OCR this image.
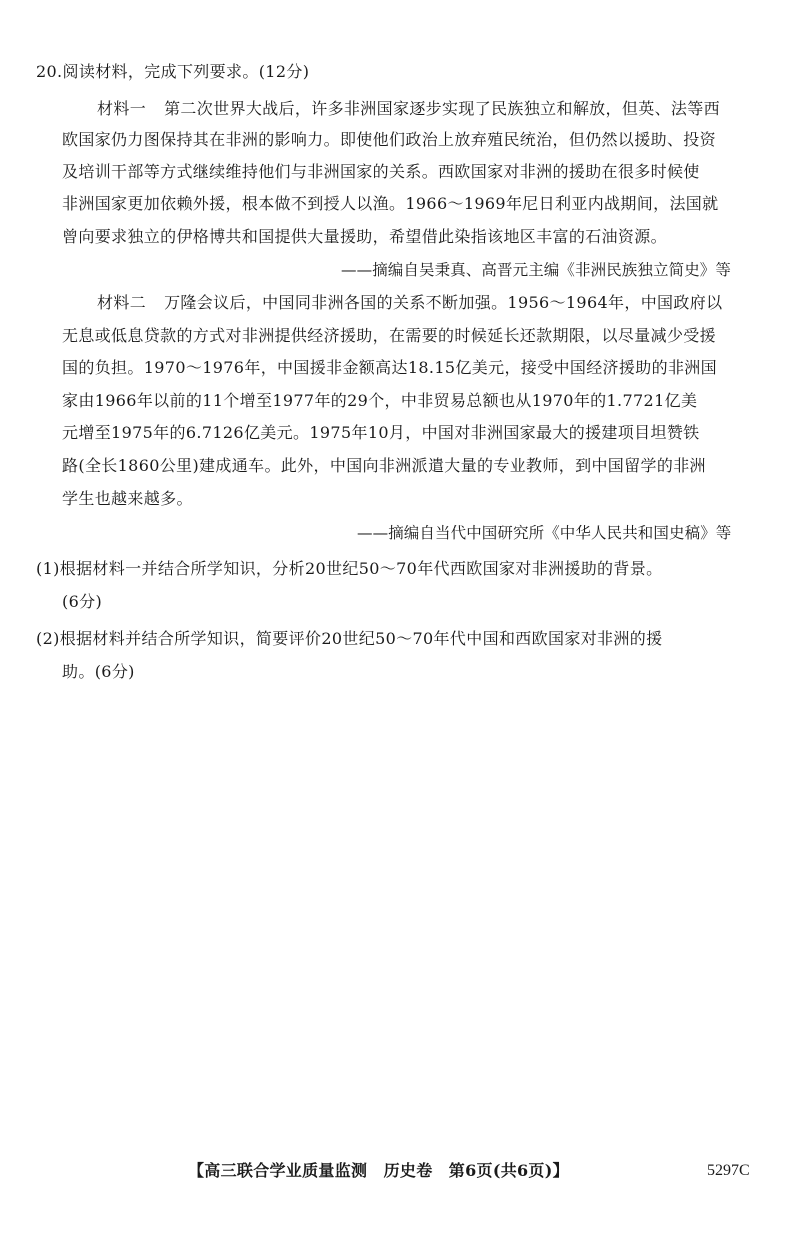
20.阅读材料，完成下列要求。(12分)
材料一 第二次世界大战后，许多非洲国家逐步实现了民族独立和解放，但英、法等西
欧国家仍力图保持其在非洲的影响力。即使他们政治上放弃殖民统治，但仍然以援助、投资
及培训干部等方式继续维持他们与非洲国家的关系。西欧国家对非洲的援助在很多时候使
非洲国家更加依赖外援，根本做不到授人以渔。1966～1969年尼日利亚内战期间，法国就
曾向要求独立的伊格博共和国提供大量援助，希望借此染指该地区丰富的石油资源。
——摘编自吴秉真、高晋元主编《非洲民族独立简史》等
材料二 万隆会议后，中国同非洲各国的关系不断加强。1956～1964年，中国政府以
无息或低息贷款的方式对非洲提供经济援助，在需要的时候延长还款期限，以尽量减少受援
国的负担。1970～1976年，中国援非金额高达18.15亿美元，接受中国经济援助的非洲国
家由1966年以前的11个增至1977年的29个，中非贸易总额也从1970年的1.7721亿美
元增至1975年的6.7126亿美元。1975年10月，中国对非洲国家最大的援建项目坦赞铁
路(全长1860公里)建成通车。此外，中国向非洲派遣大量的专业教师，到中国留学的非洲
学生也越来越多。
——摘编自当代中国研究所《中华人民共和国史稿》等
(1)根据材料一并结合所学知识，分析20世纪50～70年代西欧国家对非洲援助的背景。
(6分)
(2)根据材料并结合所学知识，简要评价20世纪50～70年代中国和西欧国家对非洲的援
助。(6分)
【高三联合学业质量监测　历史卷　第6页(共6页)】	5297C
